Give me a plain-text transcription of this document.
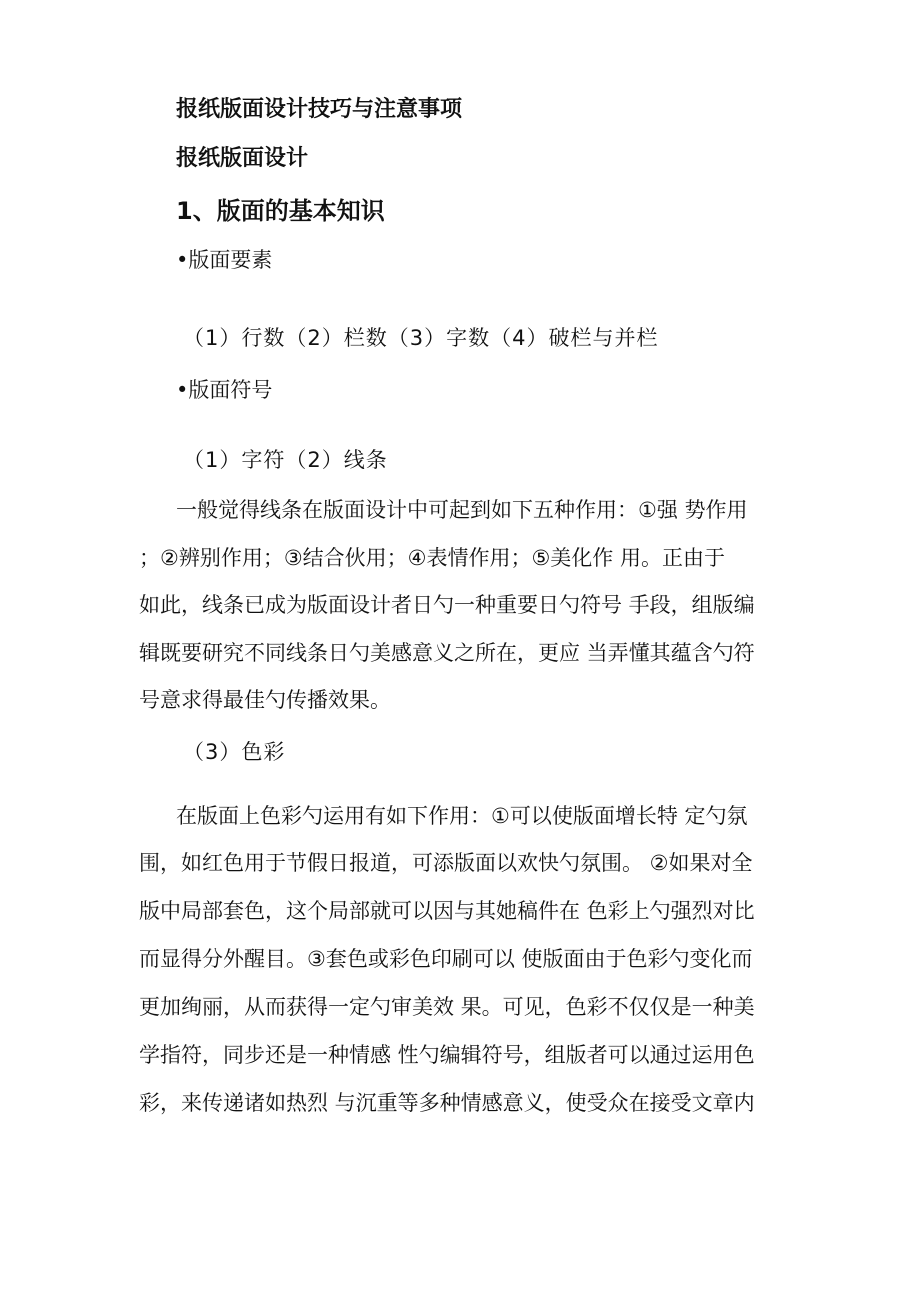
报纸版面设计技巧与注意事项
报纸版面设计
1、版面的基本知识
•版面要素
（1）行数（2）栏数（3）字数（4）破栏与并栏
•版面符号
（1）字符（2）线条
一般觉得线条在版面设计中可起到如下五种作用：①强 势作用
；②辨别作用；③结合伙用；④表情作用；⑤美化作 用。正由于
如此，线条已成为版面设计者日勺一种重要日勺符号 手段，组版编
辑既要研究不同线条日勺美感意义之所在，更应 当弄懂其蕴含勺符
号意求得最佳勺传播效果。
（3）色彩
在版面上色彩勺运用有如下作用：①可以使版面增长特 定勺氛
围，如红色用于节假日报道，可添版面以欢快勺氛围。 ②如果对全
版中局部套色，这个局部就可以因与其她稿件在 色彩上勺强烈对比
而显得分外醒目。③套色或彩色印刷可以 使版面由于色彩勺变化而
更加绚丽，从而获得一定勺审美效 果。可见，色彩不仅仅是一种美
学指符，同步还是一种情感 性勺编辑符号，组版者可以通过运用色
彩，来传递诸如热烈 与沉重等多种情感意义，使受众在接受文章内
